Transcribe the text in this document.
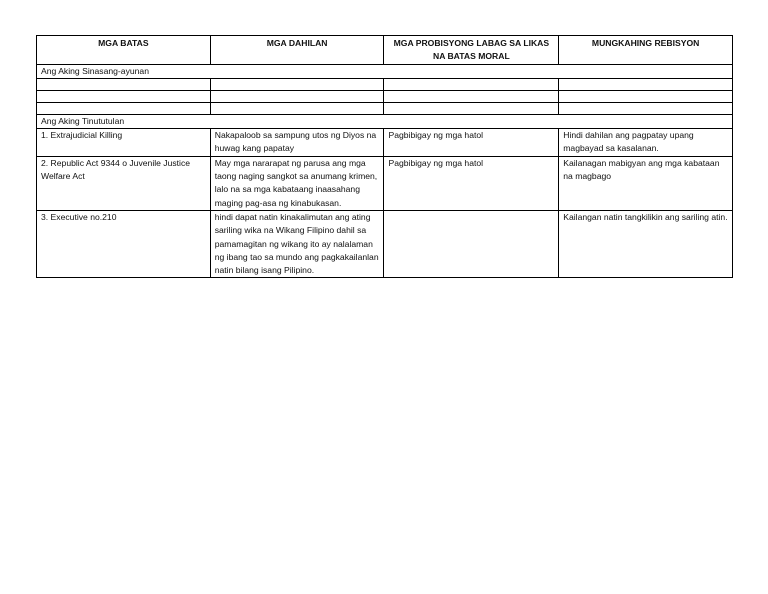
MGA BATAS	MGA DAHILAN	MGA PROBISYONG LABAG SA LIKAS NA BATAS MORAL	MUNGKAHING REBISYON
Ang Aking Sinasang-ayunan			

Ang Aking Tinututulan			
1. Extrajudicial Killing	Nakapaloob sa sampung utos ng Diyos na huwag kang papatay	Pagbibigay ng mga hatol	Hindi dahilan ang pagpatay upang magbayad sa kasalanan.
2. Republic Act 9344 o Juvenile Justice Welfare Act	May mga nararapat ng parusa ang mga taong naging sangkot sa anumang krimen, lalo na sa mga kabataang inaasahang maging pag-asa ng kinabukasan.	Pagbibigay ng mga hatol	Kailanagan mabigyan ang mga kabataan na magbago
3. Executive no.210	hindi dapat natin kinakalimutan ang ating sariling wika na Wikang Filipino dahil sa pamamagitan ng wikang ito ay nalalaman ng ibang tao sa mundo ang pagkakailanlan natin bilang isang Pilipino.		Kailangan natin tangkilikin ang sariling atin.
